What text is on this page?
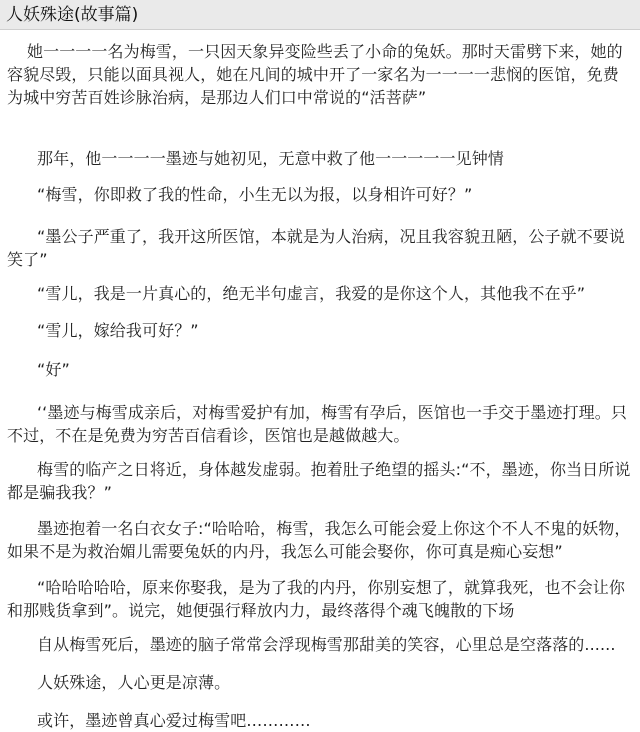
人妖殊途(故事篇)

她一一一一名为梅雪，一只因天象异变险些丢了小命的兔妖。那时天雷劈下来，她的容貌尽毁，只能以面具视人，她在凡间的城中开了一家名为一一一一悲悯的医馆，免费为城中穷苦百姓诊脉治病，是那边人们口中常说的“活菩萨”

那年，他一一一一墨迹与她初见，无意中救了他一一一一一见钟情

“梅雪，你即救了我的性命，小生无以为报，以身相许可好？”

“墨公子严重了，我开这所医馆，本就是为人治病，况且我容貌丑陋，公子就不要说笑了”

“雪儿，我是一片真心的，绝无半句虚言，我爱的是你这个人，其他我不在乎”

“雪儿，嫁给我可好？”

“好”

‘‘墨迹与梅雪成亲后，对梅雪爱护有加，梅雪有孕后，医馆也一手交于墨迹打理。只不过，不在是免费为穷苦百信看诊，医馆也是越做越大。

梅雪的临产之日将近，身体越发虚弱。抱着肚子绝望的摇头:“不，墨迹，你当日所说都是骗我我？”

墨迹抱着一名白衣女子:“哈哈哈，梅雪，我怎么可能会爱上你这个不人不鬼的妖物，如果不是为救治媚儿需要兔妖的内丹，我怎么可能会娶你，你可真是痴心妄想”

“哈哈哈哈哈，原来你娶我，是为了我的内丹，你别妄想了，就算我死，也不会让你和那贱货拿到”。说完，她便强行释放内力，最终落得个魂飞魄散的下场

自从梅雪死后，墨迹的脑子常常会浮现梅雪那甜美的笑容，心里总是空落落的......

人妖殊途，人心更是凉薄。

或许，墨迹曾真心爱过梅雪吧…………
